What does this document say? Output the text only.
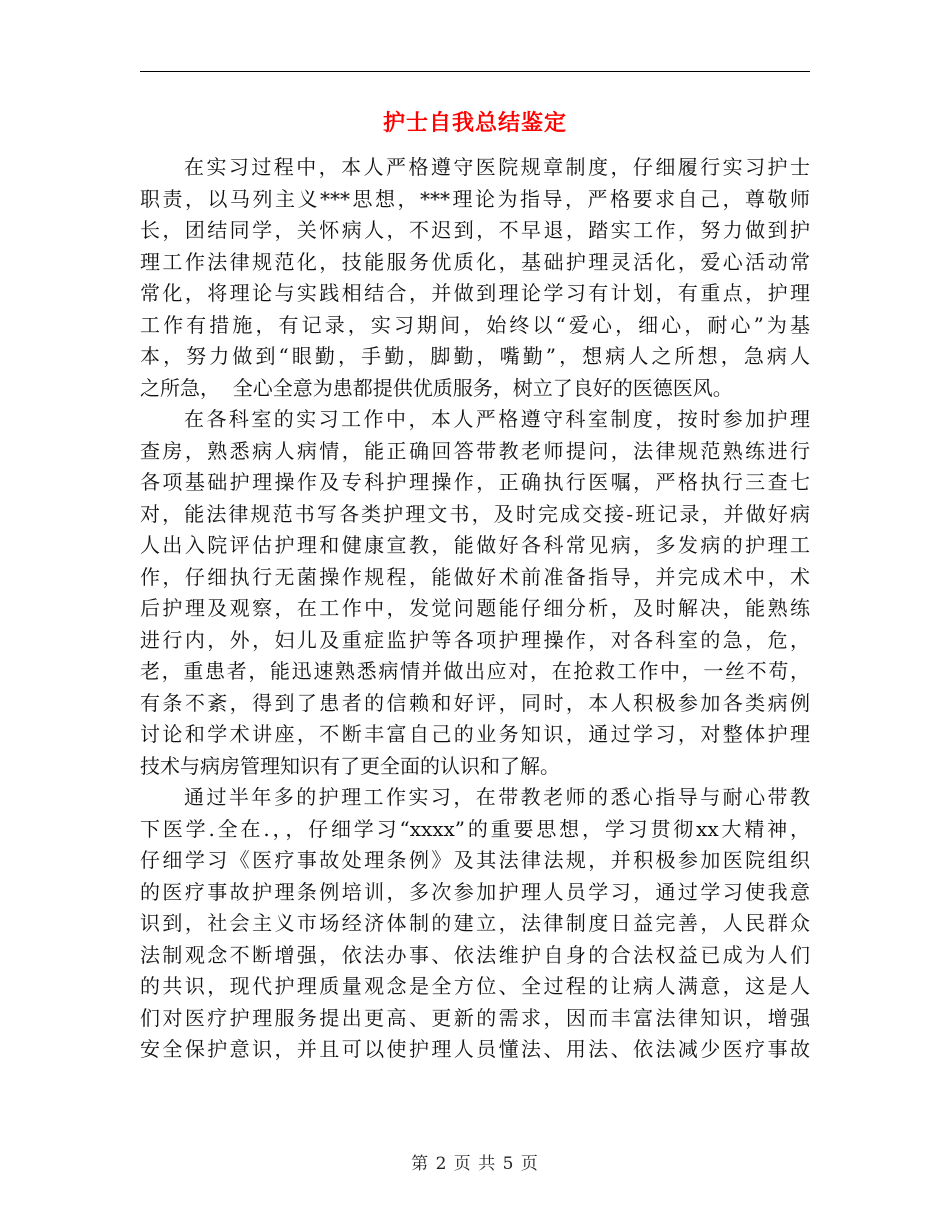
护士自我总结鉴定
在实习过程中，本人严格遵守医院规章制度，仔细履行实习护士
职责，以马列主义***思想，***理论为指导，严格要求自己，尊敬师
长，团结同学，关怀病人，不迟到，不早退，踏实工作，努力做到护
理工作法律规范化，技能服务优质化，基础护理灵活化，爱心活动常
常化，将理论与实践相结合，并做到理论学习有计划，有重点，护理
工作有措施，有记录，实习期间，始终以“爱心，细心，耐心”为基
本，努力做到“眼勤，手勤，脚勤，嘴勤”，想病人之所想，急病人
之所急，  全心全意为患都提供优质服务，树立了良好的医德医风。
在各科室的实习工作中，本人严格遵守科室制度，按时参加护理
查房，熟悉病人病情，能正确回答带教老师提问，法律规范熟练进行
各项基础护理操作及专科护理操作，正确执行医嘱，严格执行三查七
对，能法律规范书写各类护理文书，及时完成交接-班记录，并做好病
人出入院评估护理和健康宣教，能做好各科常见病，多发病的护理工
作，仔细执行无菌操作规程，能做好术前准备指导，并完成术中，术
后护理及观察，在工作中，发觉问题能仔细分析，及时解决，能熟练
进行内，外，妇儿及重症监护等各项护理操作，对各科室的急，危，
老，重患者，能迅速熟悉病情并做出应对，在抢救工作中，一丝不苟，
有条不紊，得到了患者的信赖和好评，同时，本人积极参加各类病例
讨论和学术讲座，不断丰富自己的业务知识，通过学习，对整体护理
技术与病房管理知识有了更全面的认识和了解。
通过半年多的护理工作实习，在带教老师的悉心指导与耐心带教
下医学.全在.，，仔细学习“xxxx”的重要思想，学习贯彻xx大精神，
仔细学习《医疗事故处理条例》及其法律法规，并积极参加医院组织
的医疗事故护理条例培训，多次参加护理人员学习，通过学习使我意
识到，社会主义市场经济体制的建立，法律制度日益完善，人民群众
法制观念不断增强，依法办事、依法维护自身的合法权益已成为人们
的共识，现代护理质量观念是全方位、全过程的让病人满意，这是人
们对医疗护理服务提出更高、更新的需求，因而丰富法律知识，增强
安全保护意识，并且可以使护理人员懂法、用法、依法减少医疗事故
第 2 页 共 5 页
